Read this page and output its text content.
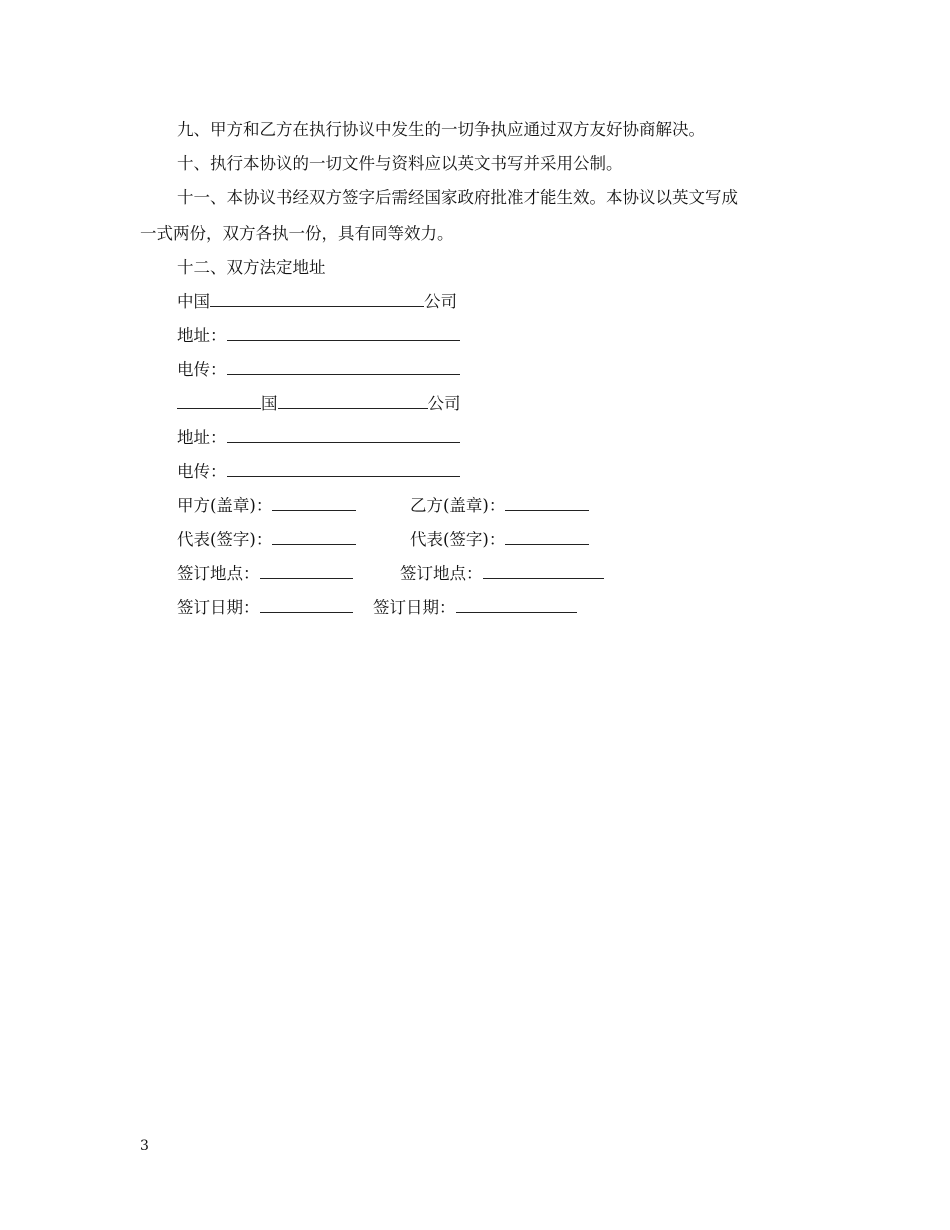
九、甲方和乙方在执行协议中发生的一切争执应通过双方友好协商解决。
十、执行本协议的一切文件与资料应以英文书写并采用公制。
十一、本协议书经双方签字后需经国家政府批准才能生效。本协议以英文写成
一式两份，双方各执一份，具有同等效力。
十二、双方法定地址
中国	公司
地址：
电传：
国	公司
地址：
电传：
甲方(盖章)：	乙方(盖章)：
代表(签字)：	代表(签字)：
签订地点：	签订地点：
签订日期：	签订日期：
3
